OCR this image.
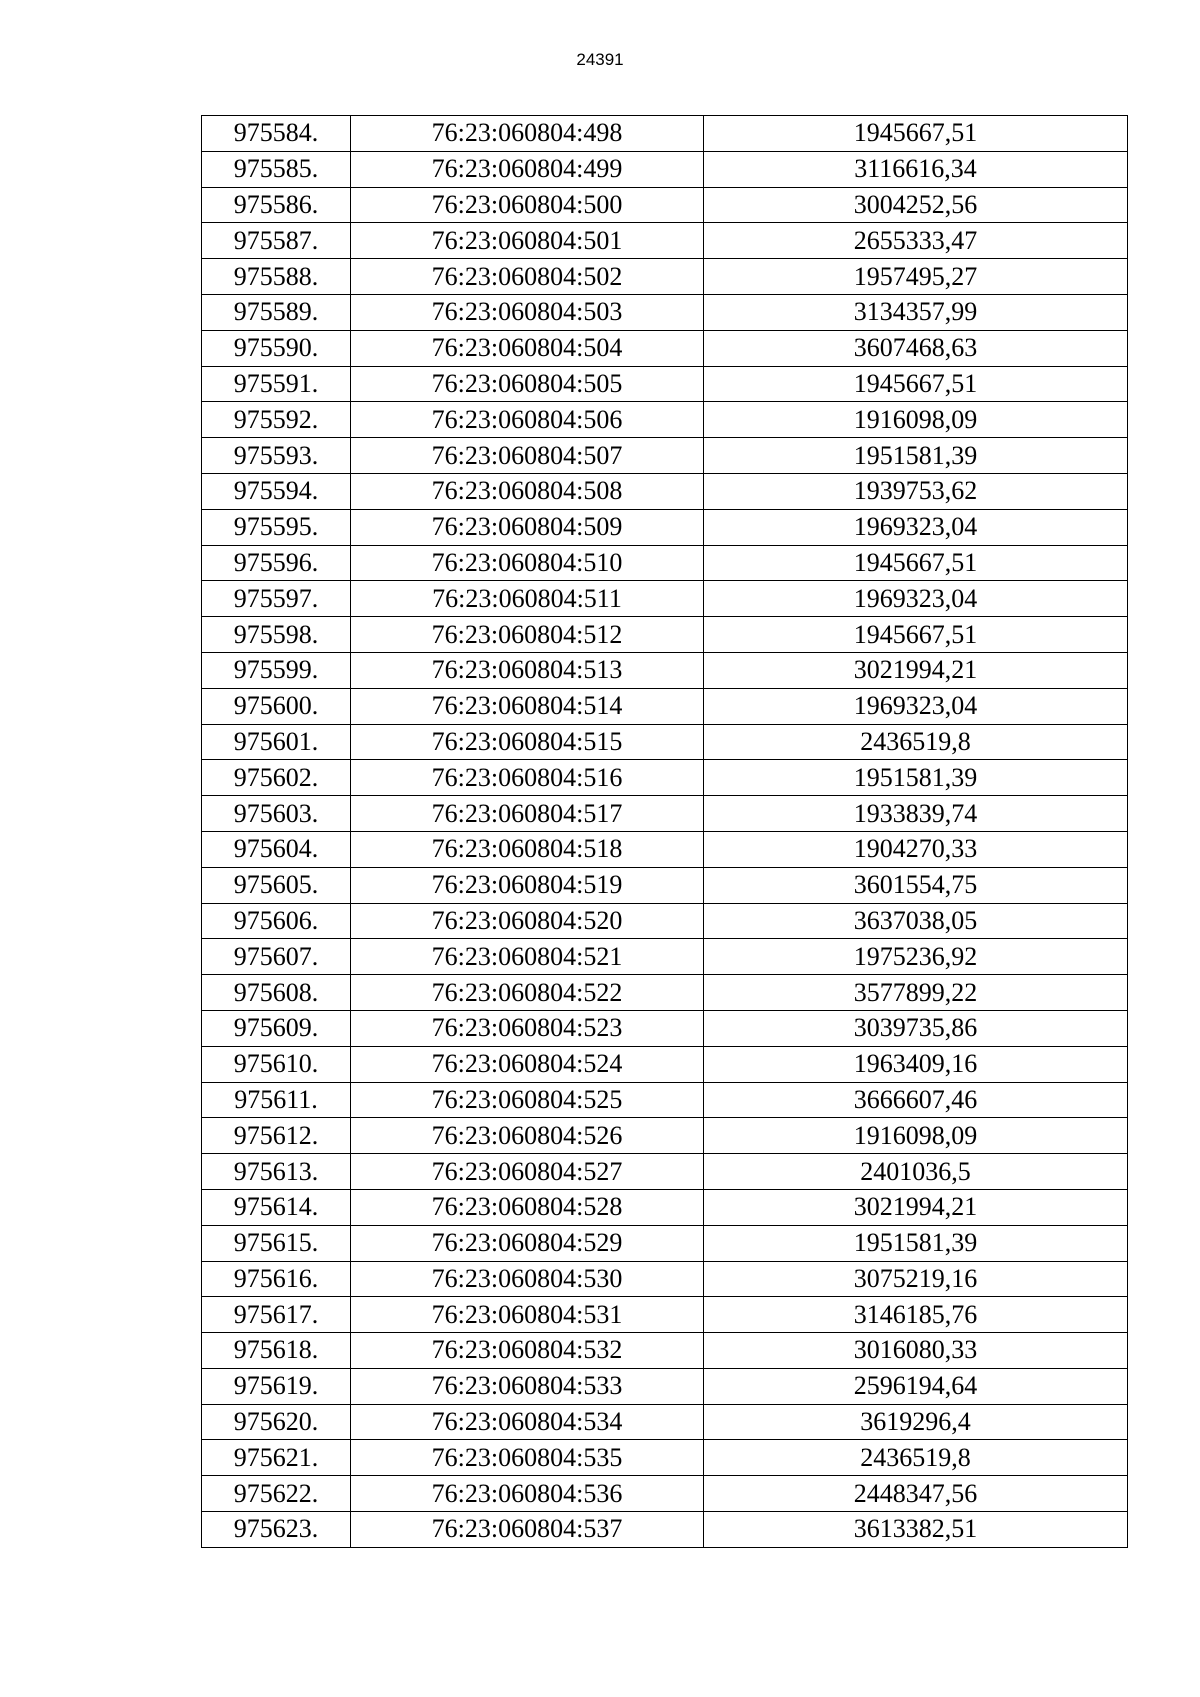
24391
975584.	76:23:060804:498	1945667,51
975585.	76:23:060804:499	3116616,34
975586.	76:23:060804:500	3004252,56
975587.	76:23:060804:501	2655333,47
975588.	76:23:060804:502	1957495,27
975589.	76:23:060804:503	3134357,99
975590.	76:23:060804:504	3607468,63
975591.	76:23:060804:505	1945667,51
975592.	76:23:060804:506	1916098,09
975593.	76:23:060804:507	1951581,39
975594.	76:23:060804:508	1939753,62
975595.	76:23:060804:509	1969323,04
975596.	76:23:060804:510	1945667,51
975597.	76:23:060804:511	1969323,04
975598.	76:23:060804:512	1945667,51
975599.	76:23:060804:513	3021994,21
975600.	76:23:060804:514	1969323,04
975601.	76:23:060804:515	2436519,8
975602.	76:23:060804:516	1951581,39
975603.	76:23:060804:517	1933839,74
975604.	76:23:060804:518	1904270,33
975605.	76:23:060804:519	3601554,75
975606.	76:23:060804:520	3637038,05
975607.	76:23:060804:521	1975236,92
975608.	76:23:060804:522	3577899,22
975609.	76:23:060804:523	3039735,86
975610.	76:23:060804:524	1963409,16
975611.	76:23:060804:525	3666607,46
975612.	76:23:060804:526	1916098,09
975613.	76:23:060804:527	2401036,5
975614.	76:23:060804:528	3021994,21
975615.	76:23:060804:529	1951581,39
975616.	76:23:060804:530	3075219,16
975617.	76:23:060804:531	3146185,76
975618.	76:23:060804:532	3016080,33
975619.	76:23:060804:533	2596194,64
975620.	76:23:060804:534	3619296,4
975621.	76:23:060804:535	2436519,8
975622.	76:23:060804:536	2448347,56
975623.	76:23:060804:537	3613382,51
